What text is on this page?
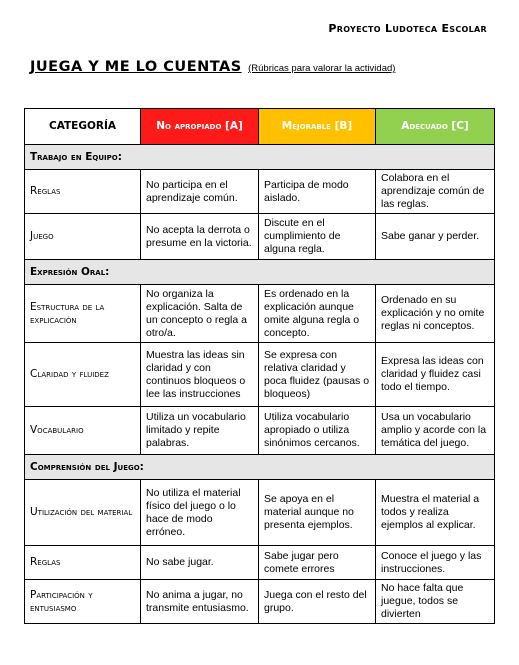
Proyecto Ludoteca Escolar
JUEGA Y ME LO CUENTAS (Rúbricas para valorar la actividad)
CATEGORÍA	No apropiado [A]	Mejorable [B]	Adecuado [C]
Trabajo en Equipo:			
Reglas	No participa en el aprendizaje común.	Participa de modo aislado.	Colabora en el aprendizaje común de las reglas.
Juego	No acepta la derrota o presume en la victoria.	Discute en el cumplimiento de alguna regla.	Sabe ganar y perder.
Expresión Oral:			
Estructura de la explicación	No organiza la explicación. Salta de un concepto o regla a otro/a.	Es ordenado en la explicación aunque omite alguna regla o concepto.	Ordenado en su explicación y no omite reglas ni conceptos.
Claridad y fluidez	Muestra las ideas sin claridad y con continuos bloqueos o lee las instrucciones	Se expresa con relativa claridad y poca fluidez (pausas o bloqueos)	Expresa las ideas con claridad y fluidez casi todo el tiempo.
Vocabulario	Utiliza un vocabulario limitado y repite palabras.	Utiliza vocabulario apropiado o utiliza sinónimos cercanos.	Usa un vocabulario amplio y acorde con la temática del juego.
Comprensión del Juego:			
Utilización del material	No utiliza el material físico del juego o lo hace de modo erróneo.	Se apoya en el material aunque no presenta ejemplos.	Muestra el material a todos y realiza ejemplos al explicar.
Reglas	No sabe jugar.	Sabe jugar pero comete errores	Conoce el juego y las instrucciones.
Participación y entusiasmo	No anima a jugar, no transmite entusiasmo.	Juega con el resto del grupo.	No hace falta que juegue, todos se divierten
